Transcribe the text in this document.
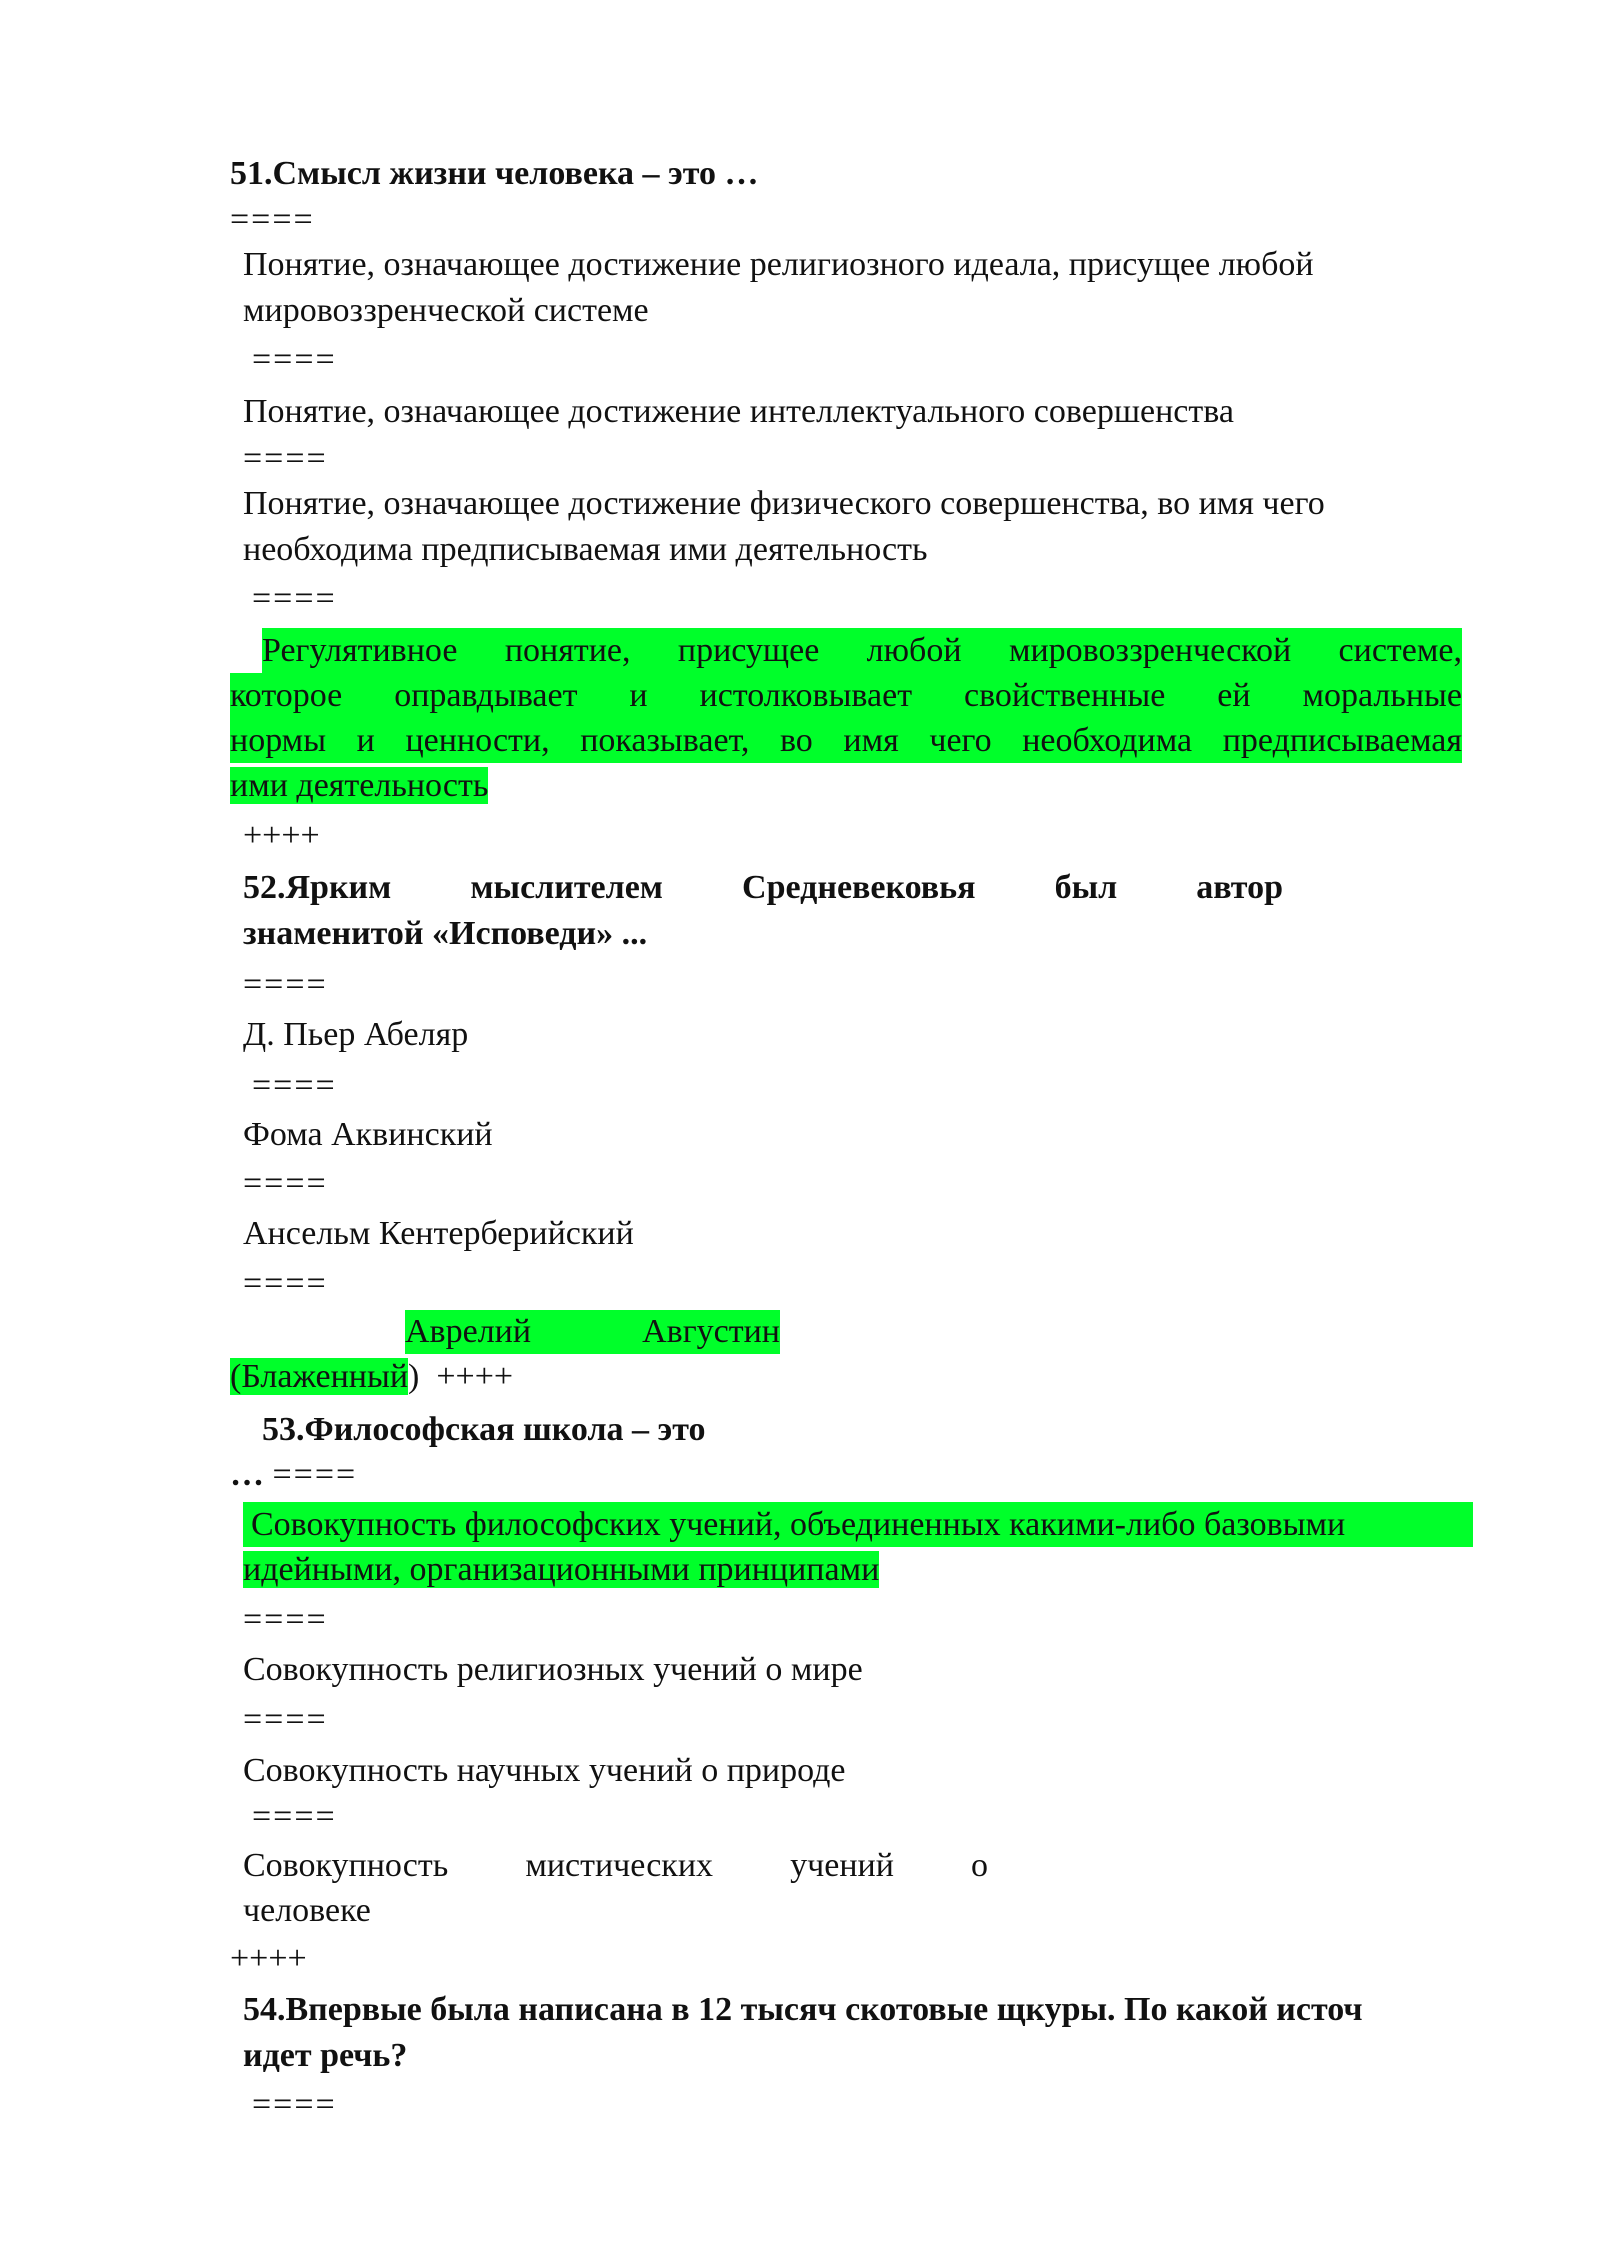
51.Смысл жизни человека – это …
====
Понятие, означающее достижение религиозного идеала, присущее любой
мировоззренческой системе
====
Понятие, означающее достижение интеллектуального совершенства
====
Понятие, означающее достижение физического совершенства, во имя чего
необходима предписываемая ими деятельность
====
Регулятивное понятие, присущее любой мировоззренческой системе,
которое оправдывает и истолковывает свойственные ей моральные
нормы и ценности, показывает, во имя чего необходима предписываемая
ими деятельность
++++
52.Ярким мыслителем Средневековья был автор
знаменитой «Исповеди» ...
====
Д. Пьер Абеляр
====
Фома Аквинский
====
Ансельм Кентерберийский
====
Аврелий	Августин
(Блаженный) ++++
53.Философская школа – это
… ====
Совокупность философских учений, объединенных какими-либо базовыми
идейными, организационными принципами
====
Совокупность религиозных учений о мире
====
Совокупность научных учений о природе
====
Совокупность мистических учений о
человеке
++++
54.Впервые была написана в 12 тысяч скотовые щкуры. По какой источ
идет речь?
====
